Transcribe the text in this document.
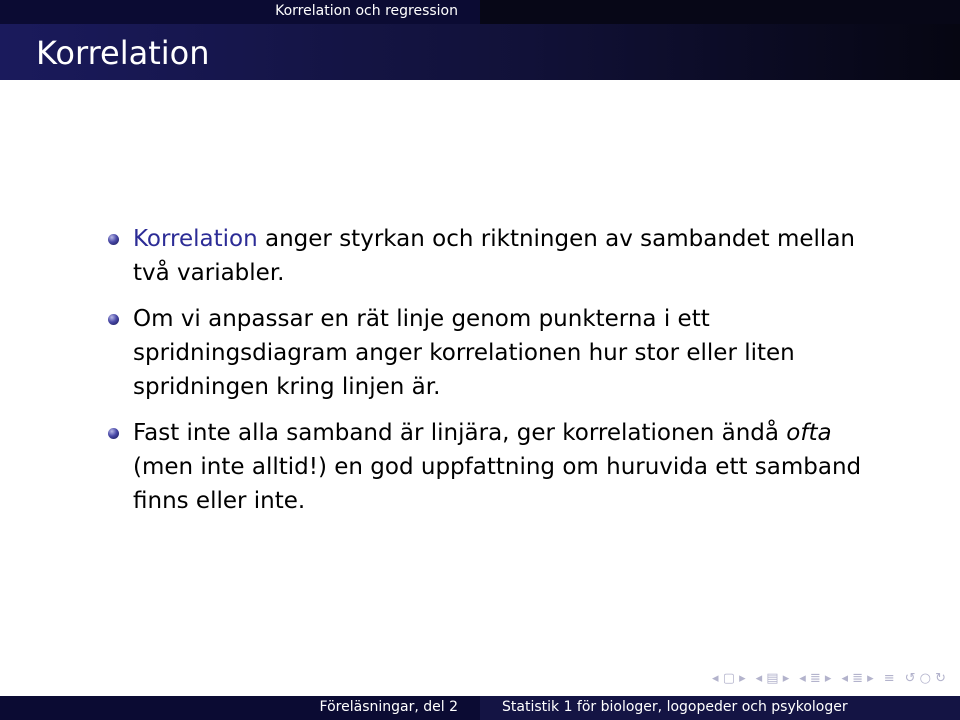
Korrelation och regression
Korrelation
Korrelation anger styrkan och riktningen av sambandet mellan två variabler.
Om vi anpassar en rät linje genom punkterna i ett spridningsdiagram anger korrelationen hur stor eller liten spridningen kring linjen är.
Fast inte alla samband är linjära, ger korrelationen ändå ofta (men inte alltid!) en god uppfattning om huruvida ett samband finns eller inte.
◂ ▢ ▸ ◂ ▤ ▸ ◂ ≣ ▸ ◂ ≣ ▸ ≡ ↺ ○ ↻
Föreläsningar, del 2	Statistik 1 för biologer, logopeder och psykologer
